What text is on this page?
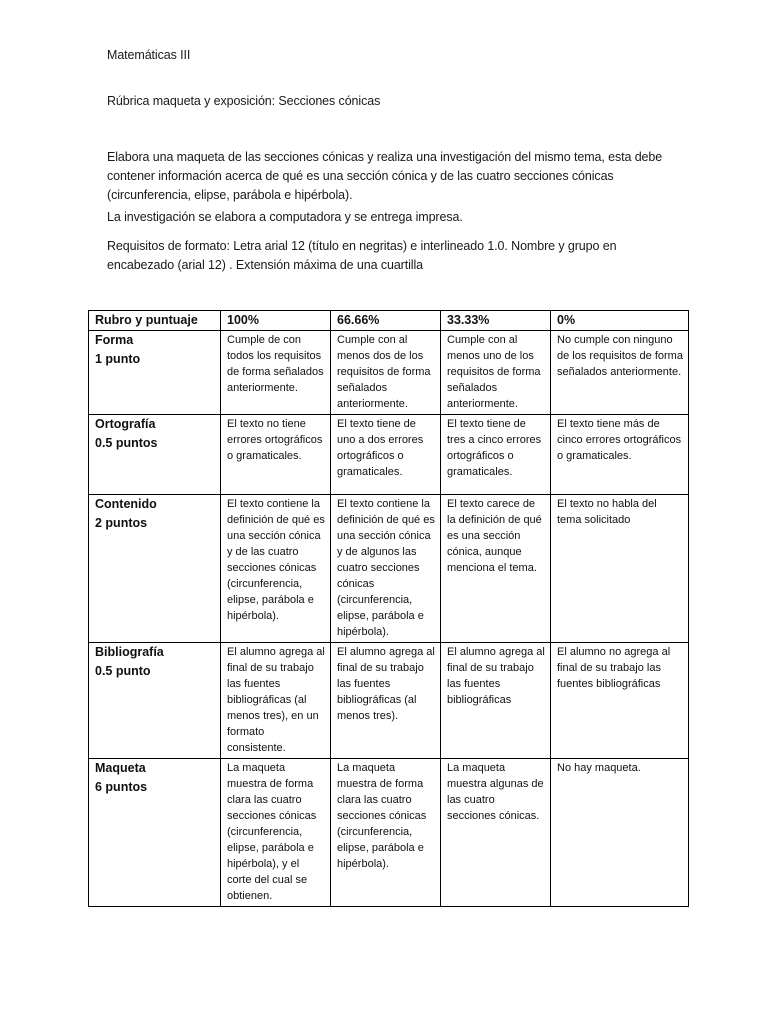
Matemáticas III
Rúbrica maqueta y exposición: Secciones cónicas
Elabora una maqueta de las secciones cónicas y realiza una investigación del mismo tema, esta debe contener información acerca de qué es una sección cónica y de las cuatro secciones cónicas (circunferencia, elipse, parábola e hipérbola).
La investigación se elabora a computadora y se entrega impresa.
Requisitos de formato: Letra arial 12 (título en negritas) e interlineado 1.0. Nombre y grupo en encabezado (arial 12) . Extensión máxima de una cuartilla
Rubro y puntuaje	100%	66.66%	33.33%	0%

Forma
1 punto	Cumple de con todos los requisitos de forma señalados anteriormente.	Cumple con al menos dos de los requisitos de forma señalados anteriormente.	Cumple con al menos uno de los requisitos de forma señalados anteriormente.	No cumple con ninguno de los requisitos de forma señalados anteriormente.

Ortografía
0.5 puntos	El texto no tiene errores ortográficos o gramaticales.	El texto tiene de uno a dos errores ortográficos o gramaticales.	El texto tiene de tres a cinco errores ortográficos o gramaticales.	El texto tiene más de cinco errores ortográficos o gramaticales.

Contenido
2 puntos	El texto contiene la definición de qué es una sección cónica y de las cuatro secciones cónicas (circunferencia, elipse, parábola e hipérbola).	El texto contiene la definición de qué es una sección cónica y de algunos las cuatro secciones cónicas (circunferencia, elipse, parábola e hipérbola).	El texto carece de la definición de qué es una sección cónica, aunque menciona el tema.	El texto no habla del tema solicitado

Bibliografía
0.5 punto	El alumno agrega al final de su trabajo las fuentes bibliográficas (al menos tres), en un formato consistente.	El alumno agrega al final de su trabajo las fuentes bibliográficas (al menos tres).	El alumno agrega al final de su trabajo las fuentes bibliográficas	El alumno no agrega al final de su trabajo las fuentes bibliográficas

Maqueta
6 puntos	La maqueta muestra de forma clara las cuatro secciones cónicas (circunferencia, elipse, parábola e hipérbola), y el corte del cual se obtienen.	La maqueta muestra de forma clara las cuatro secciones cónicas (circunferencia, elipse, parábola e hipérbola).	La maqueta muestra algunas de las cuatro secciones cónicas.	No hay maqueta.
